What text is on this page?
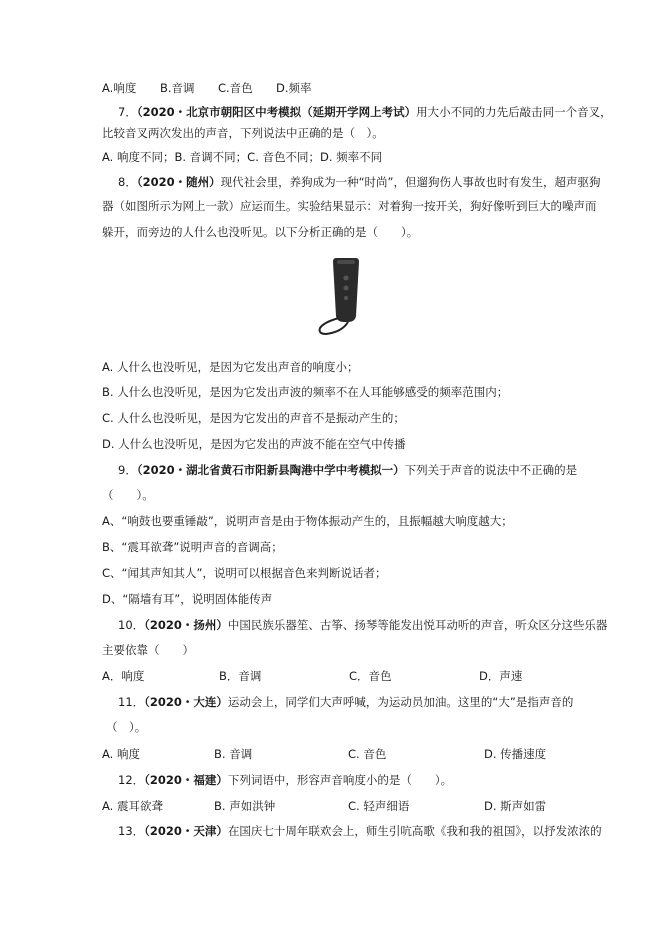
A.响度 B.音调 C.音色 D.频率
7．（2020・北京市朝阳区中考模拟（延期开学网上考试）用大小不同的力先后敲击同一个音叉，
比较音叉两次发出的声音，下列说法中正确的是（　）。
A. 响度不同；B. 音调不同；C. 音色不同；D. 频率不同
8．（2020・随州）现代社会里，养狗成为一种“时尚”，但遛狗伤人事故也时有发生，超声驱狗
器（如图所示为网上一款）应运而生。实验结果显示：对着狗一按开关，狗好像听到巨大的噪声而
躲开，而旁边的人什么也没听见。以下分析正确的是（　　）。
A. 人什么也没听见，是因为它发出声音的响度小；
B. 人什么也没听见，是因为它发出声波的频率不在人耳能够感受的频率范围内；
C. 人什么也没听见，是因为它发出的声音不是振动产生的；
D. 人什么也没听见，是因为它发出的声波不能在空气中传播
9．（2020・湖北省黄石市阳新县陶港中学中考模拟一）下列关于声音的说法中不正确的是
（　　）。
A、“响鼓也要重锤敲”，说明声音是由于物体振动产生的，且振幅越大响度越大；
B、“震耳欲聋”说明声音的音调高；
C、“闻其声知其人”，说明可以根据音色来判断说话者；
D、“隔墙有耳”，说明固体能传声
10．（2020・扬州）中国民族乐器笙、古筝、扬琴等能发出悦耳动听的声音，听众区分这些乐器
主要依靠（　　）
A．响度	B．音调	C．音色	D．声速
11．（2020・大连）运动会上，同学们大声呼喊，为运动员加油。这里的“大”是指声音的
（　）。
A. 响度	B. 音调	C. 音色	D. 传播速度
12．（2020・福建）下列词语中，形容声音响度小的是（　　）。
A. 震耳欲聋	B. 声如洪钟	C. 轻声细语	D. 斯声如雷
13．（2020・天津）在国庆七十周年联欢会上，师生引吭高歌《我和我的祖国》，以抒发浓浓的
